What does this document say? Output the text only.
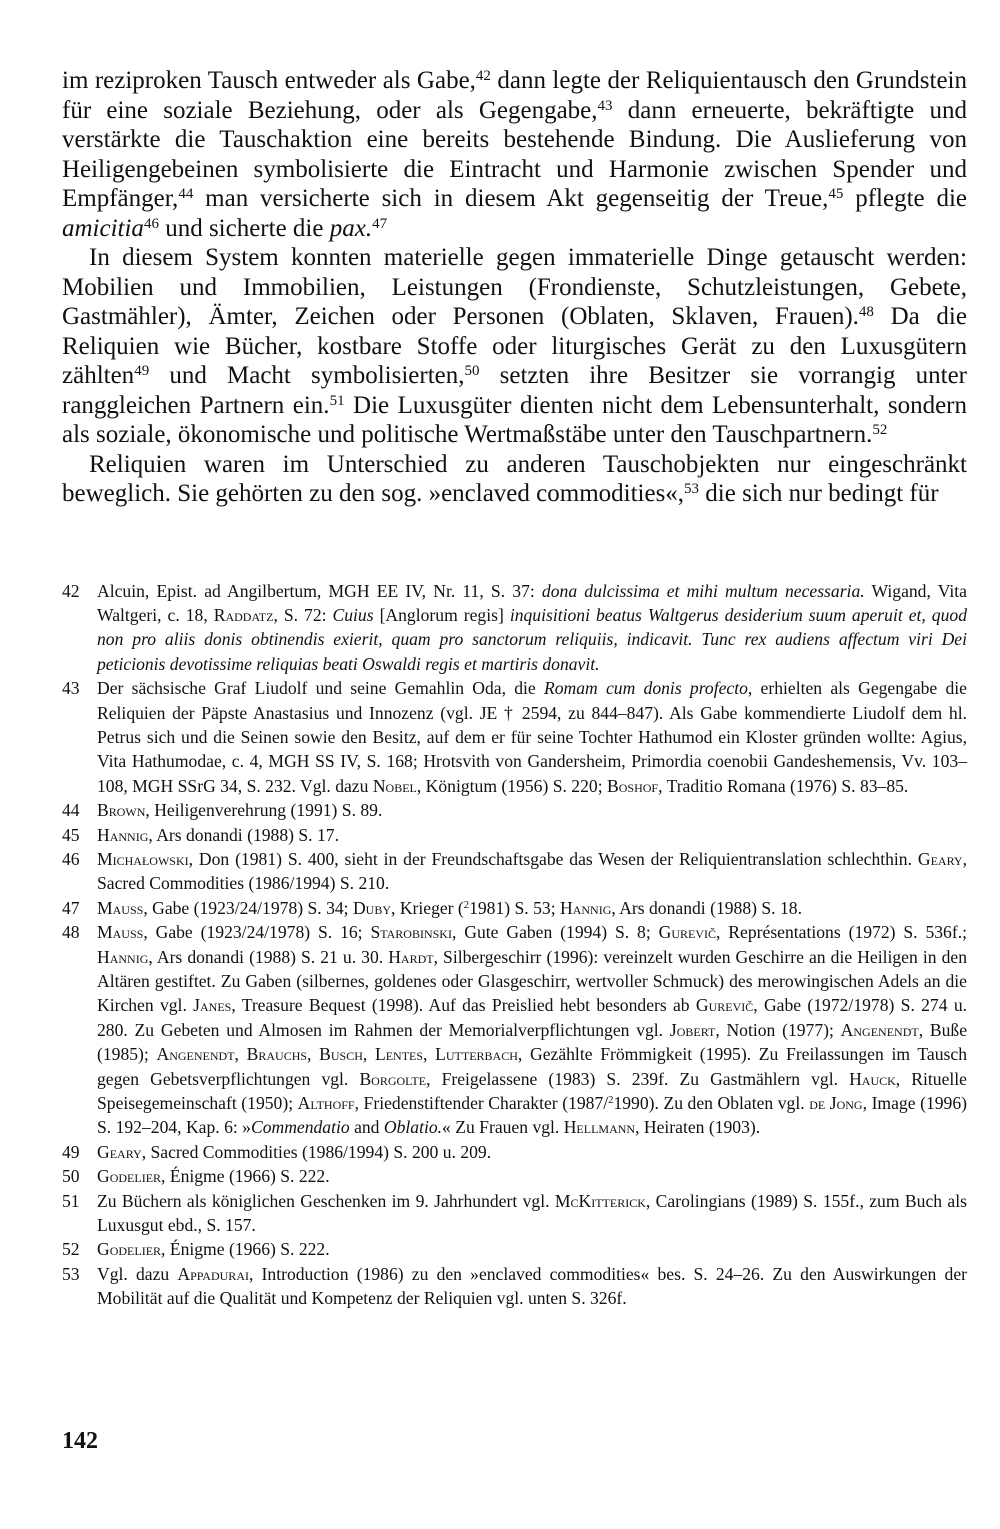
im reziproken Tausch entweder als Gabe,$^{42}$ dann legte der Reliquientausch den Grundstein für eine soziale Beziehung, oder als Gegengabe,$^{43}$ dann erneuerte, bekräftigte und verstärkte die Tauschaktion eine bereits bestehende Bindung. Die Auslieferung von Heiligengebeinen symbolisierte die Eintracht und Harmonie zwischen Spender und Empfänger,$^{44}$ man versicherte sich in diesem Akt gegenseitig der Treue,$^{45}$ pflegte die amicitia$^{46}$ und sicherte die pax.$^{47}$

In diesem System konnten materielle gegen immaterielle Dinge getauscht werden: Mobilien und Immobilien, Leistungen (Frondienste, Schutzleistungen, Gebete, Gastmähler), Ämter, Zeichen oder Personen (Oblaten, Sklaven, Frauen).$^{48}$ Da die Reliquien wie Bücher, kostbare Stoffe oder liturgisches Gerät zu den Luxusgütern zählten$^{49}$ und Macht symbolisierten,$^{50}$ setzten ihre Besitzer sie vorrangig unter ranggleichen Partnern ein.$^{51}$ Die Luxusgüter dienten nicht dem Lebensunterhalt, sondern als soziale, ökonomische und politische Wertmaßstäbe unter den Tauschpartnern.$^{52}$

Reliquien waren im Unterschied zu anderen Tauschobjekten nur eingeschränkt beweglich. Sie gehörten zu den sog. »enclaved commodities«,$^{53}$ die sich nur bedingt für

42 Alcuin, Epist. ad Angilbertum, MGH EE IV, Nr. 11, S. 37: dona dulcissima et mihi multum necessaria. Wigand, Vita Waltgeri, c. 18, Raddatz, S. 72: Cuius [Anglorum regis] inquisitioni beatus Waltgerus desiderium suum aperuit et, quod non pro aliis donis obtinendis exierit, quam pro sanctorum reliquiis, indicavit. Tunc rex audiens affectum viri Dei peticionis devotissime reliquias beati Oswaldi regis et martiris donavit.
43 Der sächsische Graf Liudolf und seine Gemahlin Oda, die Romam cum donis profecto, erhielten als Gegengabe die Reliquien der Päpste Anastasius und Innozenz (vgl. JE † 2594, zu 844–847). Als Gabe kommendierte Liudolf dem hl. Petrus sich und die Seinen sowie den Besitz, auf dem er für seine Tochter Hathumod ein Kloster gründen wollte: Agius, Vita Hathumodae, c. 4, MGH SS IV, S. 168; Hrotsvith von Gandersheim, Primordia coenobii Gandeshemensis, Vv. 103–108, MGH SSrG 34, S. 232. Vgl. dazu Nobel, Königtum (1956) S. 220; Boshof, Traditio Romana (1976) S. 83–85.
44 Brown, Heiligenverehrung (1991) S. 89.
45 Hannig, Ars donandi (1988) S. 17.
46 Michałowski, Don (1981) S. 400, sieht in der Freundschaftsgabe das Wesen der Reliquientranslation schlechthin. Geary, Sacred Commodities (1986/1994) S. 210.
47 Mauss, Gabe (1923/24/1978) S. 34; Duby, Krieger ($^2$1981) S. 53; Hannig, Ars donandi (1988) S. 18.
48 Mauss, Gabe (1923/24/1978) S. 16; Starobinski, Gute Gaben (1994) S. 8; Gurevič, Représentations (1972) S. 536f.; Hannig, Ars donandi (1988) S. 21 u. 30. Hardt, Silbergeschirr (1996): vereinzelt wurden Geschirre an die Heiligen in den Altären gestiftet. Zu Gaben (silbernes, goldenes oder Glasgeschirr, wertvoller Schmuck) des merowingischen Adels an die Kirchen vgl. Janes, Treasure Bequest (1998). Auf das Preislied hebt besonders ab Gurevič, Gabe (1972/1978) S. 274 u. 280. Zu Gebeten und Almosen im Rahmen der Memorialverpflichtungen vgl. Jobert, Notion (1977); Angenendt, Buße (1985); Angenendt, Brauchs, Busch, Lentes, Lutterbach, Gezählte Frömmigkeit (1995). Zu Freilassungen im Tausch gegen Gebetsverpflichtungen vgl. Borgolte, Freigelassene (1983) S. 239f. Zu Gastmählern vgl. Hauck, Rituelle Speisegemeinschaft (1950); Althoff, Friedenstiftender Charakter (1987/$^2$1990). Zu den Oblaten vgl. de Jong, Image (1996) S. 192–204, Kap. 6: »Commendatio and Oblatio.« Zu Frauen vgl. Hellmann, Heiraten (1903).
49 Geary, Sacred Commodities (1986/1994) S. 200 u. 209.
50 Godelier, Énigme (1966) S. 222.
51 Zu Büchern als königlichen Geschenken im 9. Jahrhundert vgl. McKitterick, Carolingians (1989) S. 155f., zum Buch als Luxusgut ebd., S. 157.
52 Godelier, Énigme (1966) S. 222.
53 Vgl. dazu Appadurai, Introduction (1986) zu den »enclaved commodities« bes. S. 24–26. Zu den Auswirkungen der Mobilität auf die Qualität und Kompetenz der Reliquien vgl. unten S. 326f.
142
